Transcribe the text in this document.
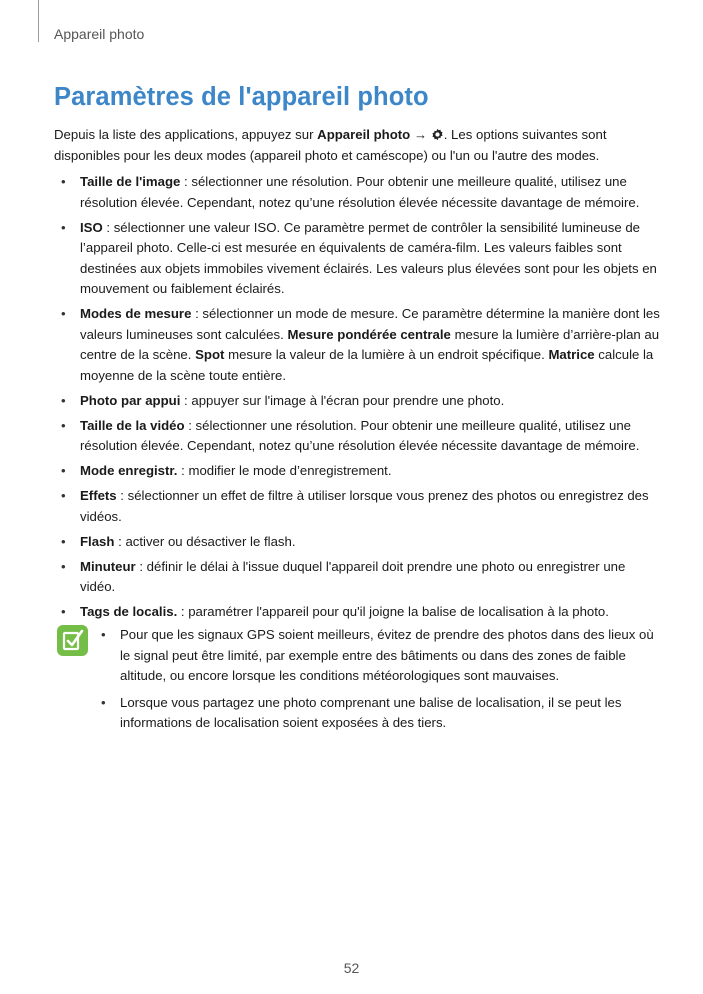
Appareil photo
Paramètres de l'appareil photo

Depuis la liste des applications, appuyez sur Appareil photo → . Les options suivantes sont disponibles pour les deux modes (appareil photo et caméscope) ou l'un ou l'autre des modes.

• Taille de l'image : sélectionner une résolution. Pour obtenir une meilleure qualité, utilisez une résolution élevée. Cependant, notez qu’une résolution élevée nécessite davantage de mémoire.
• ISO : sélectionner une valeur ISO. Ce paramètre permet de contrôler la sensibilité lumineuse de l’appareil photo. Celle-ci est mesurée en équivalents de caméra-film. Les valeurs faibles sont destinées aux objets immobiles vivement éclairés. Les valeurs plus élevées sont pour les objets en mouvement ou faiblement éclairés.
• Modes de mesure : sélectionner un mode de mesure. Ce paramètre détermine la manière dont les valeurs lumineuses sont calculées. Mesure pondérée centrale mesure la lumière d’arrière-plan au centre de la scène. Spot mesure la valeur de la lumière à un endroit spécifique. Matrice calcule la moyenne de la scène toute entière.
• Photo par appui : appuyer sur l'image à l'écran pour prendre une photo.
• Taille de la vidéo : sélectionner une résolution. Pour obtenir une meilleure qualité, utilisez une résolution élevée. Cependant, notez qu’une résolution élevée nécessite davantage de mémoire.
• Mode enregistr. : modifier le mode d’enregistrement.
• Effets : sélectionner un effet de filtre à utiliser lorsque vous prenez des photos ou enregistrez des vidéos.
• Flash : activer ou désactiver le flash.
• Minuteur : définir le délai à l'issue duquel l'appareil doit prendre une photo ou enregistrer une vidéo.
• Tags de localis. : paramétrer l'appareil pour qu'il joigne la balise de localisation à la photo.
• Pour que les signaux GPS soient meilleurs, évitez de prendre des photos dans des lieux où le signal peut être limité, par exemple entre des bâtiments ou dans des zones de faible altitude, ou encore lorsque les conditions météorologiques sont mauvaises.
• Lorsque vous partagez une photo comprenant une balise de localisation, il se peut les informations de localisation soient exposées à des tiers.
52
